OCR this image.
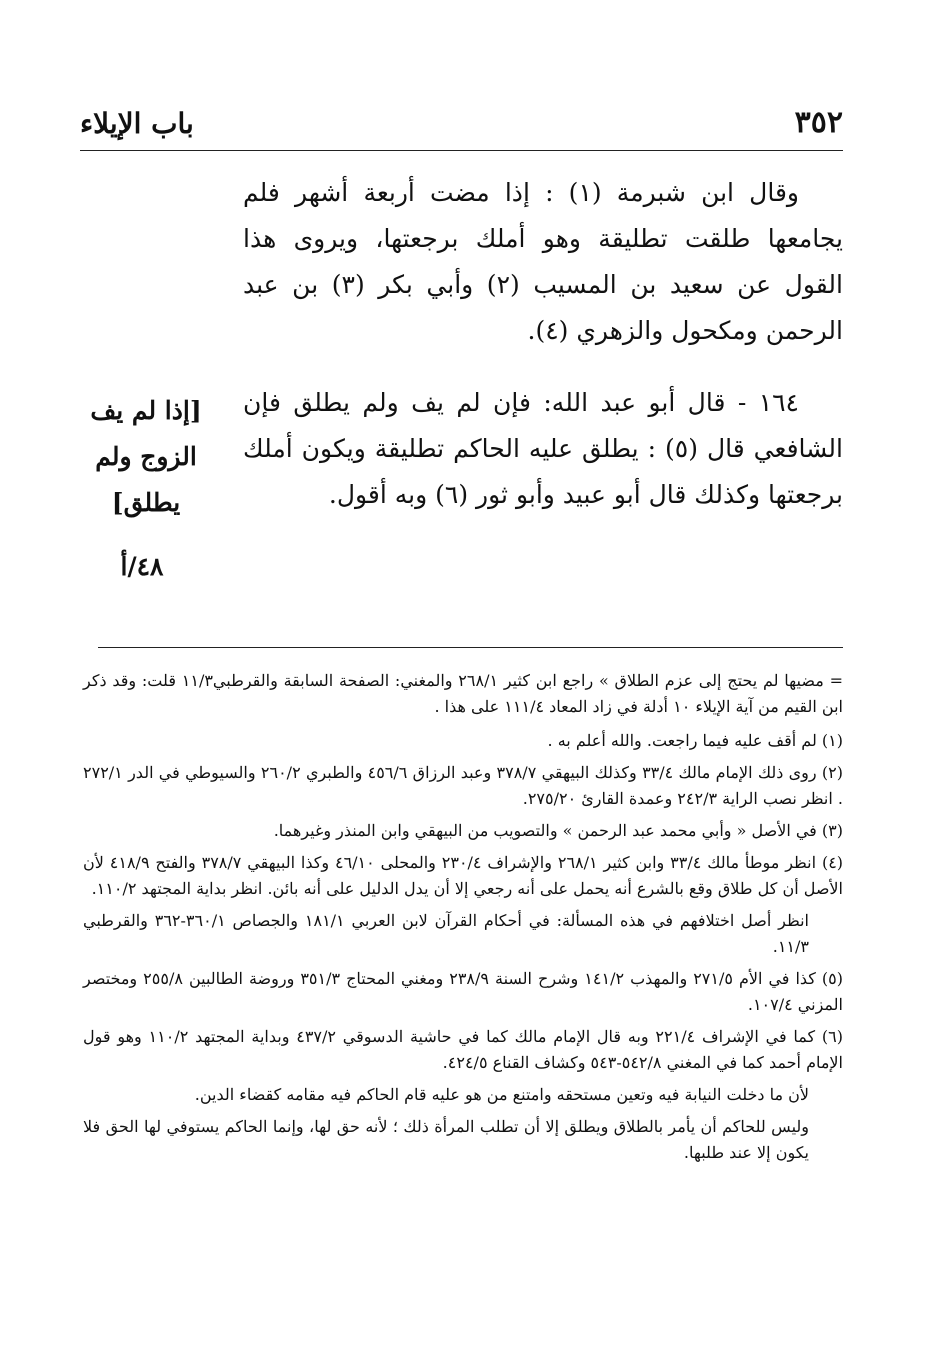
٣٥٢
باب الإيلاء

وقال ابن شبرمة (١) : إذا مضت أربعة أشهر فلم يجامعها طلقت تطليقة وهو أملك برجعتها، ويروى هذا القول عن سعيد بن المسيب (٢) وأبي بكر (٣) بن عبد الرحمن ومكحول والزهري (٤).

١٦٤ - قال أبو عبد الله: فإن لم يف ولم يطلق فإن الشافعي قال (٥) : يطلق عليه الحاكم تطليقة ويكون أملك برجعتها وكذلك قال أبو عبيد وأبو ثور (٦) وبه أقول.

[إذا لم يف الزوج ولم يطلق]
٤٨/أ

= مضيها لم يحتج إلى عزم الطلاق » راجع ابن كثير ٢٦٨/١ والمغني: الصفحة السابقة والقرطبي١١/٣ قلت: وقد ذكر ابن القيم من آية الإيلاء ١٠ أدلة في زاد المعاد ١١١/٤ على هذا .

(١) لم أقف عليه فيما راجعت. والله أعلم به .

(٢) روى ذلك الإمام مالك ٣٣/٤ وكذلك البيهقي ٣٧٨/٧ وعبد الرزاق ٤٥٦/٦ والطبري ٢٦٠/٢ والسيوطي في الدر ٢٧٢/١ . انظر نصب الراية ٢٤٢/٣ وعمدة القارئ ٢٧٥/٢٠.

(٣) في الأصل « وأبي محمد عبد الرحمن » والتصويب من البيهقي وابن المنذر وغيرهما.

(٤) انظر موطأ مالك ٣٣/٤ وابن كثير ٢٦٨/١ والإشراف ٢٣٠/٤ والمحلى ٤٦/١٠ وكذا البيهقي ٣٧٨/٧ والفتح ٤١٨/٩ لأن الأصل أن كل طلاق وقع بالشرع أنه يحمل على أنه رجعي إلا أن يدل الدليل على أنه بائن. انظر بداية المجتهد ١١٠/٢.

انظر أصل اختلافهم في هذه المسألة: في أحكام القرآن لابن العربي ١٨١/١ والجصاص ٣٦٠/١-٣٦٢ والقرطبي ١١/٣.

(٥) كذا في الأم ٢٧١/٥ والمهذب ١٤١/٢ وشرح السنة ٢٣٨/٩ ومغني المحتاج ٣٥١/٣ وروضة الطالبين ٢٥٥/٨ ومختصر المزني ١٠٧/٤.

(٦) كما في الإشراف ٢٢١/٤ وبه قال الإمام مالك كما في حاشية الدسوقي ٤٣٧/٢ وبداية المجتهد ١١٠/٢ وهو قول الإمام أحمد كما في المغني ٥٤٢/٨-٥٤٣ وكشاف القناع ٤٢٤/٥.

لأن ما دخلت النيابة فيه وتعين مستحقه وامتنع من هو عليه قام الحاكم فيه مقامه كقضاء الدين.

وليس للحاكم أن يأمر بالطلاق ويطلق إلا أن تطلب المرأة ذلك ؛ لأنه حق لها، وإنما الحاكم يستوفي لها الحق فلا يكون إلا عند طلبها.
